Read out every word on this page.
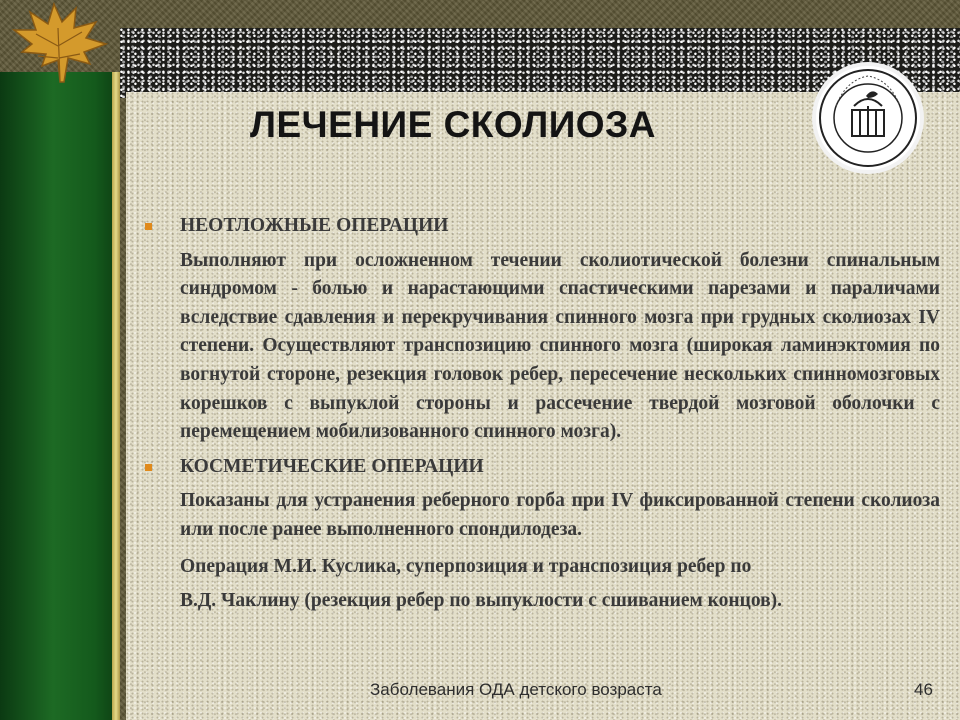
ЛЕЧЕНИЕ СКОЛИОЗА

НЕОТЛОЖНЫЕ ОПЕРАЦИИ

Выполняют при осложненном течении сколиотической болезни спинальным синдромом - болью и нарастающими спастическими парезами и параличами вследствие сдавления и перекручивания спинного мозга при грудных сколиозах IV степени. Осуществляют транспозицию спинного мозга (широкая ламинэктомия по вогнутой стороне, резекция головок ребер, пересечение нескольких спинномозговых корешков с выпуклой стороны и рассечение твердой мозговой оболочки с перемещением мобилизованного спинного мозга).

КОСМЕТИЧЕСКИЕ ОПЕРАЦИИ

Показаны для устранения реберного горба при IV фиксированной степени сколиоза или после ранее выполненного спондилодеза.

Операция М.И. Куслика, суперпозиция и транспозиция ребер по

В.Д. Чаклину (резекция ребер по выпуклости с сшиванием концов).

Заболевания ОДА детского возраста	46
